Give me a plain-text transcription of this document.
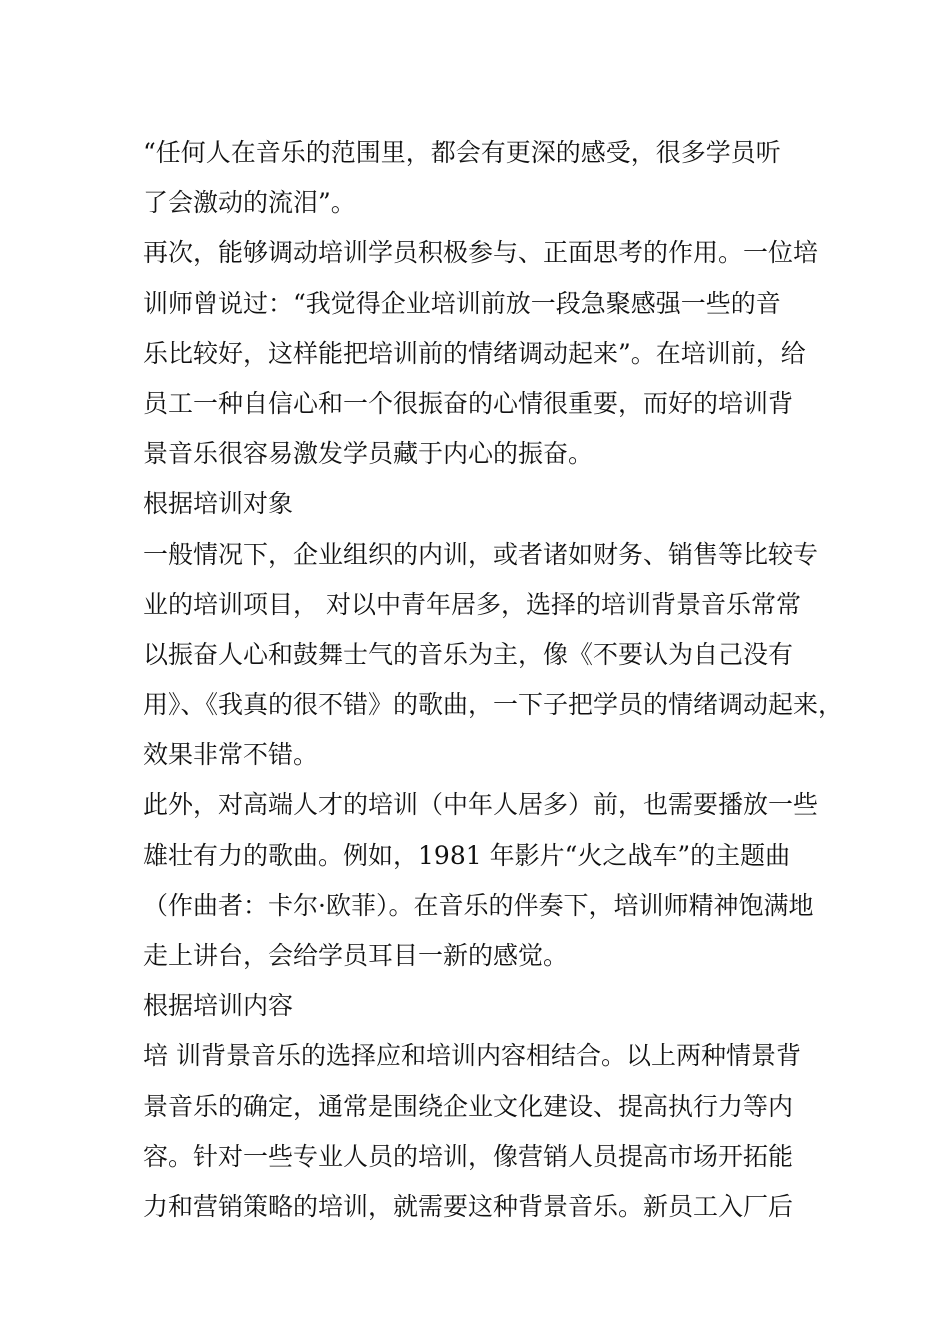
“任何人在音乐的范围里，都会有更深的感受，很多学员听
了会激动的流泪”。
再次，能够调动培训学员积极参与、正面思考的作用。一位培
训师曾说过：“我觉得企业培训前放一段急聚感强一些的音
乐比较好，这样能把培训前的情绪调动起来”。在培训前，给
员工一种自信心和一个很振奋的心情很重要，而好的培训背
景音乐很容易激发学员藏于内心的振奋。
根据培训对象
一般情况下，企业组织的内训，或者诸如财务、销售等比较专
业的培训项目， 对以中青年居多，选择的培训背景音乐常常
以振奋人心和鼓舞士气的音乐为主，像《不要认为自己没有
用》、《我真的很不错》的歌曲，一下子把学员的情绪调动起来，
效果非常不错。
此外，对高端人才的培训（中年人居多）前，也需要播放一些
雄壮有力的歌曲。例如，1981 年影片“火之战车”的主题曲
（作曲者：卡尔·欧菲）。在音乐的伴奏下，培训师精神饱满地
走上讲台，会给学员耳目一新的感觉。
根据培训内容
培 训背景音乐的选择应和培训内容相结合。以上两种情景背
景音乐的确定，通常是围绕企业文化建设、提高执行力等内
容。针对一些专业人员的培训，像营销人员提高市场开拓能
力和营销策略的培训，就需要这种背景音乐。新员工入厂后
